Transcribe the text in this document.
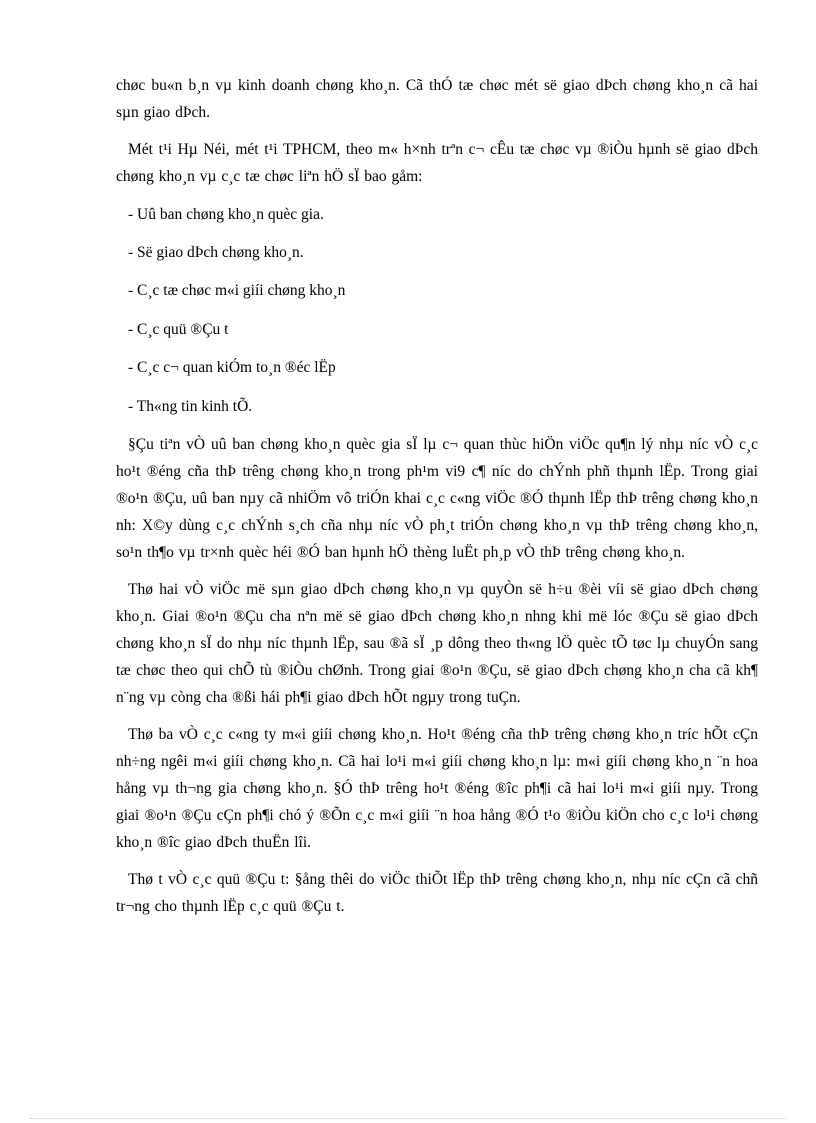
chøc bu«n b¸n vµ kinh doanh chøng kho¸n. Cã thÓ tæ chøc mét së giao dÞch chøng kho¸n cã hai sµn giao dÞch.

Mét t¹i Hµ Néi, mét t¹i TPHCM, theo m« h×nh trªn c¬ cÊu tæ chøc vµ ®iÒu hµnh së giao dÞch chøng kho¸n vµ c¸c tæ chøc liªn hÖ sÏ bao gåm:

- Uû ban chøng kho¸n quèc gia.

- Së giao dÞch chøng kho¸n.

- C¸c tæ chøc m«i giíi chøng kho¸n

- C¸c quü ®Çu t

- C¸c c¬ quan kiÓm to¸n ®éc lËp

- Th«ng tin kinh tÕ.

§Çu tiªn vÒ uû ban chøng kho¸n quèc gia sÏ lµ c¬ quan thùc hiÖn viÖc qu¶n lý nhµ níc vÒ c¸c ho¹t ®éng cña thÞ trêng chøng kho¸n trong ph¹m vi9 c¶ níc do chÝnh phñ thµnh lËp. Trong giai ®o¹n ®Çu, uû ban nµy cã nhiÖm vô triÓn khai c¸c c«ng viÖc ®Ó thµnh lËp thÞ trêng chøng kho¸n nh: X©y dùng c¸c chÝnh s¸ch cña nhµ níc vÒ ph¸t triÓn chøng kho¸n vµ thÞ trêng chøng kho¸n, so¹n th¶o vµ tr×nh quèc héi ®Ó ban hµnh hÖ thèng luËt ph¸p vÒ thÞ trêng chøng kho¸n.

Thø hai vÒ viÖc më sµn giao dÞch chøng kho¸n vµ quyÒn së h÷u ®èi víi së giao dÞch chøng kho¸n. Giai ®o¹n ®Çu cha nªn më së giao dÞch chøng kho¸n nhng khi më lóc ®Çu së giao dÞch chøng kho¸n sÏ do nhµ níc thµnh lËp, sau ®ã sÏ ¸p dông theo th«ng lÖ quèc tÕ tøc lµ chuyÓn sang tæ chøc theo qui chÕ tù ®iÒu chØnh. Trong giai ®o¹n ®Çu, së giao dÞch chøng kho¸n cha cã kh¶ n¨ng vµ còng cha ®ßi hái ph¶i giao dÞch hÕt ngµy trong tuÇn.

Thø ba vÒ c¸c c«ng ty m«i giíi chøng kho¸n. Ho¹t ®éng cña thÞ trêng chøng kho¸n tríc hÕt cÇn nh÷ng ngêi m«i giíi chøng kho¸n. Cã hai lo¹i m«i giíi chøng kho¸n lµ: m«i giíi chøng kho¸n ¨n hoa hång vµ th¬ng gia chøng kho¸n. §Ó thÞ trêng ho¹t ®éng ®îc ph¶i cã hai lo¹i m«i giíi nµy. Trong giai ®o¹n ®Çu cÇn ph¶i chó ý ®Õn c¸c m«i giíi ¨n hoa hång ®Ó t¹o ®iÒu kiÖn cho c¸c lo¹i chøng kho¸n ®îc giao dÞch thuËn lîi.

Thø t vÒ c¸c quü ®Çu t: §ång thêi do viÖc thiÕt lËp thÞ trêng chøng kho¸n, nhµ níc cÇn cã chñ tr¬ng cho thµnh lËp c¸c quü ®Çu t.
